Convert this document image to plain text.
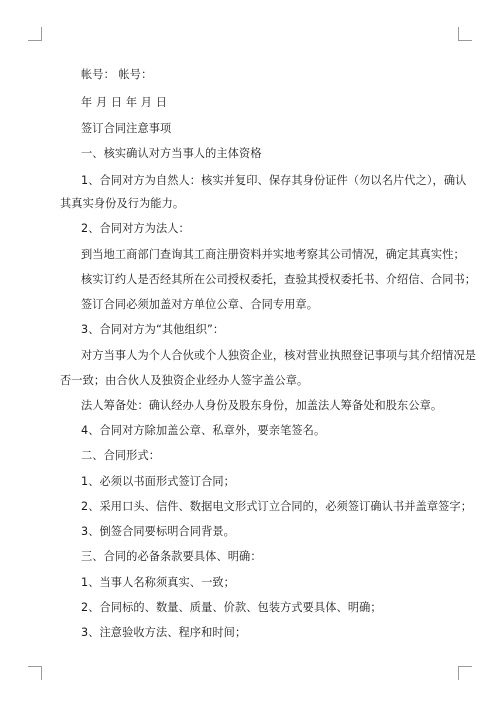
帐号： 帐号：
年 月 日 年 月 日
签订合同注意事项
一、核实确认对方当事人的主体资格
1、合同对方为自然人：核实并复印、保存其身份证件（勿以名片代之），确认
其真实身份及行为能力。
2、合同对方为法人：
到当地工商部门查询其工商注册资料并实地考察其公司情况，确定其真实性；
核实订约人是否经其所在公司授权委托，查验其授权委托书、介绍信、合同书；
签订合同必须加盖对方单位公章、合同专用章。
3、合同对方为“其他组织”：
对方当事人为个人合伙或个人独资企业，核对营业执照登记事项与其介绍情况是
否一致；由合伙人及独资企业经办人签字盖公章。
法人筹备处：确认经办人身份及股东身份，加盖法人筹备处和股东公章。
4、合同对方除加盖公章、私章外，要亲笔签名。
二、合同形式：
1、必须以书面形式签订合同；
2、采用口头、信件、数据电文形式订立合同的，必须签订确认书并盖章签字；
3、倒签合同要标明合同背景。
三、合同的必备条款要具体、明确：
1、当事人名称须真实、一致；
2、合同标的、数量、质量、价款、包装方式要具体、明确；
3、注意验收方法、程序和时间；
